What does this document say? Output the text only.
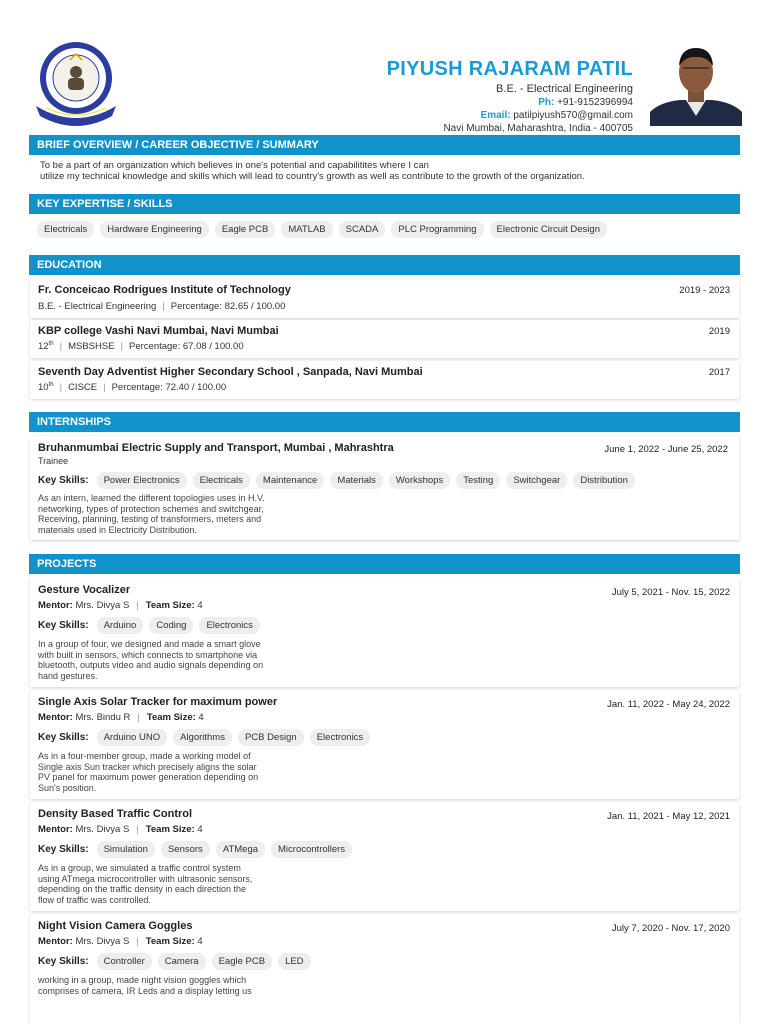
PIYUSH RAJARAM PATIL
B.E. - Electrical Engineering
Ph: +91-9152396994
Email: patilpiyush570@gmail.com
Navi Mumbai, Maharashtra, India - 400705
BRIEF OVERVIEW / CAREER OBJECTIVE / SUMMARY
To be a part of an organization which believes in one's potential and capabilitites where I can
utilize my technical knowledge and skills which will lead to country's growth as well as contribute to the growth of the organization.
KEY EXPERTISE / SKILLS
Electricals	Hardware Engineering	Eagle PCB	MATLAB	SCADA	PLC Programming	Electronic Circuit Design
EDUCATION
Fr. Conceicao Rodrigues Institute of Technology	2019 - 2023
B.E. - Electrical Engineering | Percentage: 82.65 / 100.00
KBP college Vashi Navi Mumbai, Navi Mumbai	2019
12th | MSBSHSE | Percentage: 67.08 / 100.00
Seventh Day Adventist Higher Secondary School , Sanpada, Navi Mumbai	2017
10th | CISCE | Percentage: 72.40 / 100.00
INTERNSHIPS
Bruhanmumbai Electric Supply and Transport, Mumbai , Mahrashtra	June 1, 2022 - June 25, 2022
Trainee
Key Skills:	Power Electronics	Electricals	Maintenance	Materials	Workshops	Testing	Switchgear	Distribution
As an intern, learned the different topologies uses in H.V.
networking, types of protection schemes and switchgear,
Receiving, planning, testing of transformers, meters and
materials used in Electricity Distribution.
PROJECTS
Gesture Vocalizer	July 5, 2021 - Nov. 15, 2022
Mentor: Mrs. Divya S | Team Size: 4
Key Skills:	Arduino	Coding	Electronics
In a group of four, we designed and made a smart glove
with built in sensors, which connects to smartphone via
bluetooth, outputs video and audio signals depending on
hand gestures.
Single Axis Solar Tracker for maximum power	Jan. 11, 2022 - May 24, 2022
Mentor: Mrs. Bindu R | Team Size: 4
Key Skills:	Arduino UNO	Algorithms	PCB Design	Electronics
As in a four-member group, made a working model of
Single axis Sun tracker which precisely aligns the solar
PV panel for maximum power generation depending on
Sun's position.
Density Based Traffic Control	Jan. 11, 2021 - May 12, 2021
Mentor: Mrs. Divya S | Team Size: 4
Key Skills:	Simulation	Sensors	ATMega	Microcontrollers
As in a group, we simulated a traffic control system
using ATmega microcontroller with ultrasonic sensors,
depending on the traffic density in each direction the
flow of traffic was controlled.
Night Vision Camera Goggles	July 7, 2020 - Nov. 17, 2020
Mentor: Mrs. Divya S | Team Size: 4
Key Skills:	Controller	Camera	Eagle PCB	LED
working in a group, made night vision goggles which
comprises of camera, IR Leds and a display letting us
